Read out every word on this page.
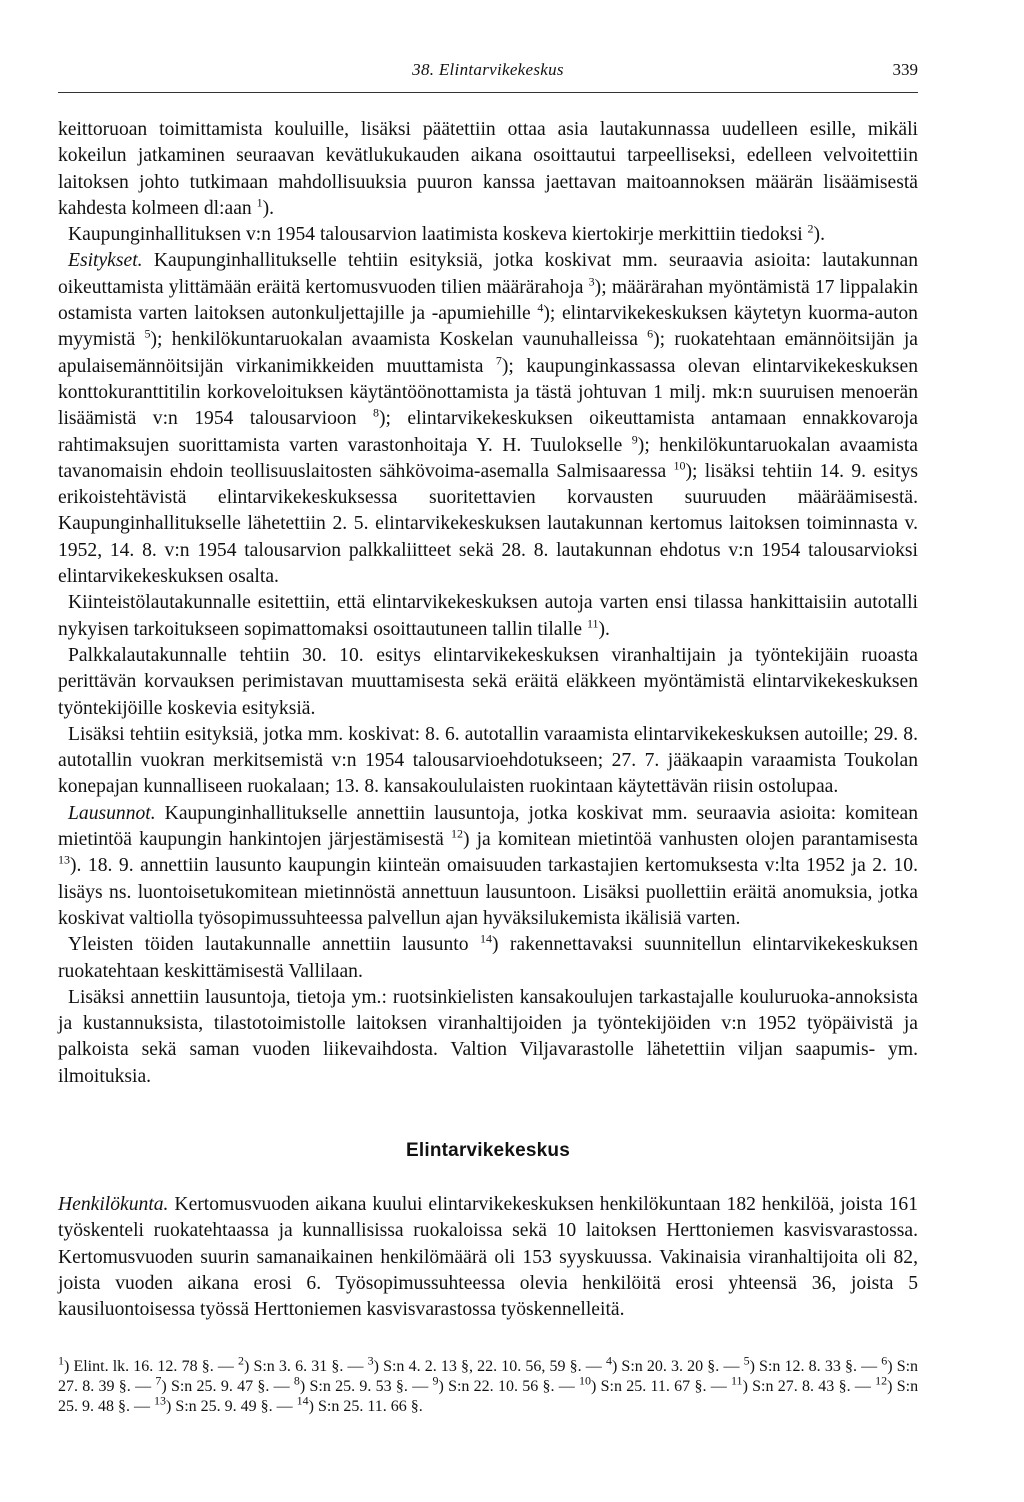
38. Elintarvikekeskus	339

keittoruoan toimittamista kouluille, lisäksi päätettiin ottaa asia lautakunnassa uudelleen esille, mikäli kokeilun jatkaminen seuraavan kevätlukukauden aikana osoittautui tarpeelliseksi, edelleen velvoitettiin laitoksen johto tutkimaan mahdollisuuksia puuron kanssa jaettavan maitoannoksen määrän lisäämisestä kahdesta kolmeen dl:aan $^1$).

Kaupunginhallituksen v:n 1954 talousarvion laatimista koskeva kiertokirje merkittiin tiedoksi $^2$).

Esitykset. Kaupunginhallitukselle tehtiin esityksiä, jotka koskivat mm. seuraavia asioita: lautakunnan oikeuttamista ylittämään eräitä kertomusvuoden tilien määrärahoja $^3$); määrärahan myöntämistä 17 lippalakin ostamista varten laitoksen autonkuljettajille ja -apumiehille $^4$); elintarvikekeskuksen käytetyn kuorma-auton myymistä $^5$); henkilökuntaruokalan avaamista Koskelan vaunuhalleissa $^6$); ruokatehtaan emännöitsijän ja apulaisemännöitsijän virkanimikkeiden muuttamista $^7$); kaupunginkassassa olevan elintarvikekeskuksen konttokuranttitilin korkoveloituksen käytäntöönottamista ja tästä johtuvan 1 milj. mk:n suuruisen menoerän lisäämistä v:n 1954 talousarvioon $^8$); elintarvikekeskuksen oikeuttamista antamaan ennakkovaroja rahtimaksujen suorittamista varten varastonhoitaja Y. H. Tuulokselle $^9$); henkilökuntaruokalan avaamista tavanomaisin ehdoin teollisuuslaitosten sähkövoima-asemalla Salmisaaressa $^{10}$); lisäksi tehtiin 14. 9. esitys erikoistehtävistä elintarvikekeskuksessa suoritettavien korvausten suuruuden määräämisestä. Kaupunginhallitukselle lähetettiin 2. 5. elintarvikekeskuksen lautakunnan kertomus laitoksen toiminnasta v. 1952, 14. 8. v:n 1954 talousarvion palkkaliitteet sekä 28. 8. lautakunnan ehdotus v:n 1954 talousarvioksi elintarvikekeskuksen osalta.

Kiinteistölautakunnalle esitettiin, että elintarvikekeskuksen autoja varten ensi tilassa hankittaisiin autotalli nykyisen tarkoitukseen sopimattomaksi osoittautuneen tallin tilalle $^{11}$).

Palkkalautakunnalle tehtiin 30. 10. esitys elintarvikekeskuksen viranhaltijain ja työntekijäin ruoasta perittävän korvauksen perimistavan muuttamisesta sekä eräitä eläkkeen myöntämistä elintarvikekeskuksen työntekijöille koskevia esityksiä.

Lisäksi tehtiin esityksiä, jotka mm. koskivat: 8. 6. autotallin varaamista elintarvikekeskuksen autoille; 29. 8. autotallin vuokran merkitsemistä v:n 1954 talousarvioehdotukseen; 27. 7. jääkaapin varaamista Toukolan konepajan kunnalliseen ruokalaan; 13. 8. kansakoululaisten ruokintaan käytettävän riisin ostolupaa.

Lausunnot. Kaupunginhallitukselle annettiin lausuntoja, jotka koskivat mm. seuraavia asioita: komitean mietintöä kaupungin hankintojen järjestämisestä $^{12}$) ja komitean mietintöä vanhusten olojen parantamisesta $^{13}$). 18. 9. annettiin lausunto kaupungin kiinteän omaisuuden tarkastajien kertomuksesta v:lta 1952 ja 2. 10. lisäys ns. luontoisetukomitean mietinnöstä annettuun lausuntoon. Lisäksi puollettiin eräitä anomuksia, jotka koskivat valtiolla työsopimussuhteessa palvellun ajan hyväksilukemista ikälisiä varten.

Yleisten töiden lautakunnalle annettiin lausunto $^{14}$) rakennettavaksi suunnitellun elintarvikekeskuksen ruokatehtaan keskittämisestä Vallilaan.

Lisäksi annettiin lausuntoja, tietoja ym.: ruotsinkielisten kansakoulujen tarkastajalle kouluruoka-annoksista ja kustannuksista, tilastotoimistolle laitoksen viranhaltijoiden ja työntekijöiden v:n 1952 työpäivistä ja palkoista sekä saman vuoden liikevaihdosta. Valtion Viljavarastolle lähetettiin viljan saapumis- ym. ilmoituksia.

Elintarvikekeskus

Henkilökunta. Kertomusvuoden aikana kuului elintarvikekeskuksen henkilökuntaan 182 henkilöä, joista 161 työskenteli ruokatehtaassa ja kunnallisissa ruokaloissa sekä 10 laitoksen Herttoniemen kasvisvarastossa. Kertomusvuoden suurin samanaikainen henkilömäärä oli 153 syyskuussa. Vakinaisia viranhaltijoita oli 82, joista vuoden aikana erosi 6. Työsopimussuhteessa olevia henkilöitä erosi yhteensä 36, joista 5 kausiluontoisessa työssä Herttoniemen kasvisvarastossa työskennelleitä.

$^1$) Elint. lk. 16. 12. 78 §. — $^2$) S:n 3. 6. 31 §. — $^3$) S:n 4. 2. 13 §, 22. 10. 56, 59 §. — $^4$) S:n 20. 3. 20 §. — $^5$) S:n 12. 8. 33 §. — $^6$) S:n 27. 8. 39 §. — $^7$) S:n 25. 9. 47 §. — $^8$) S:n 25. 9. 53 §. — $^9$) S:n 22. 10. 56 §. — $^{10}$) S:n 25. 11. 67 §. — $^{11}$) S:n 27. 8. 43 §. — $^{12}$) S:n 25. 9. 48 §. — $^{13}$) S:n 25. 9. 49 §. — $^{14}$) S:n 25. 11. 66 §.
